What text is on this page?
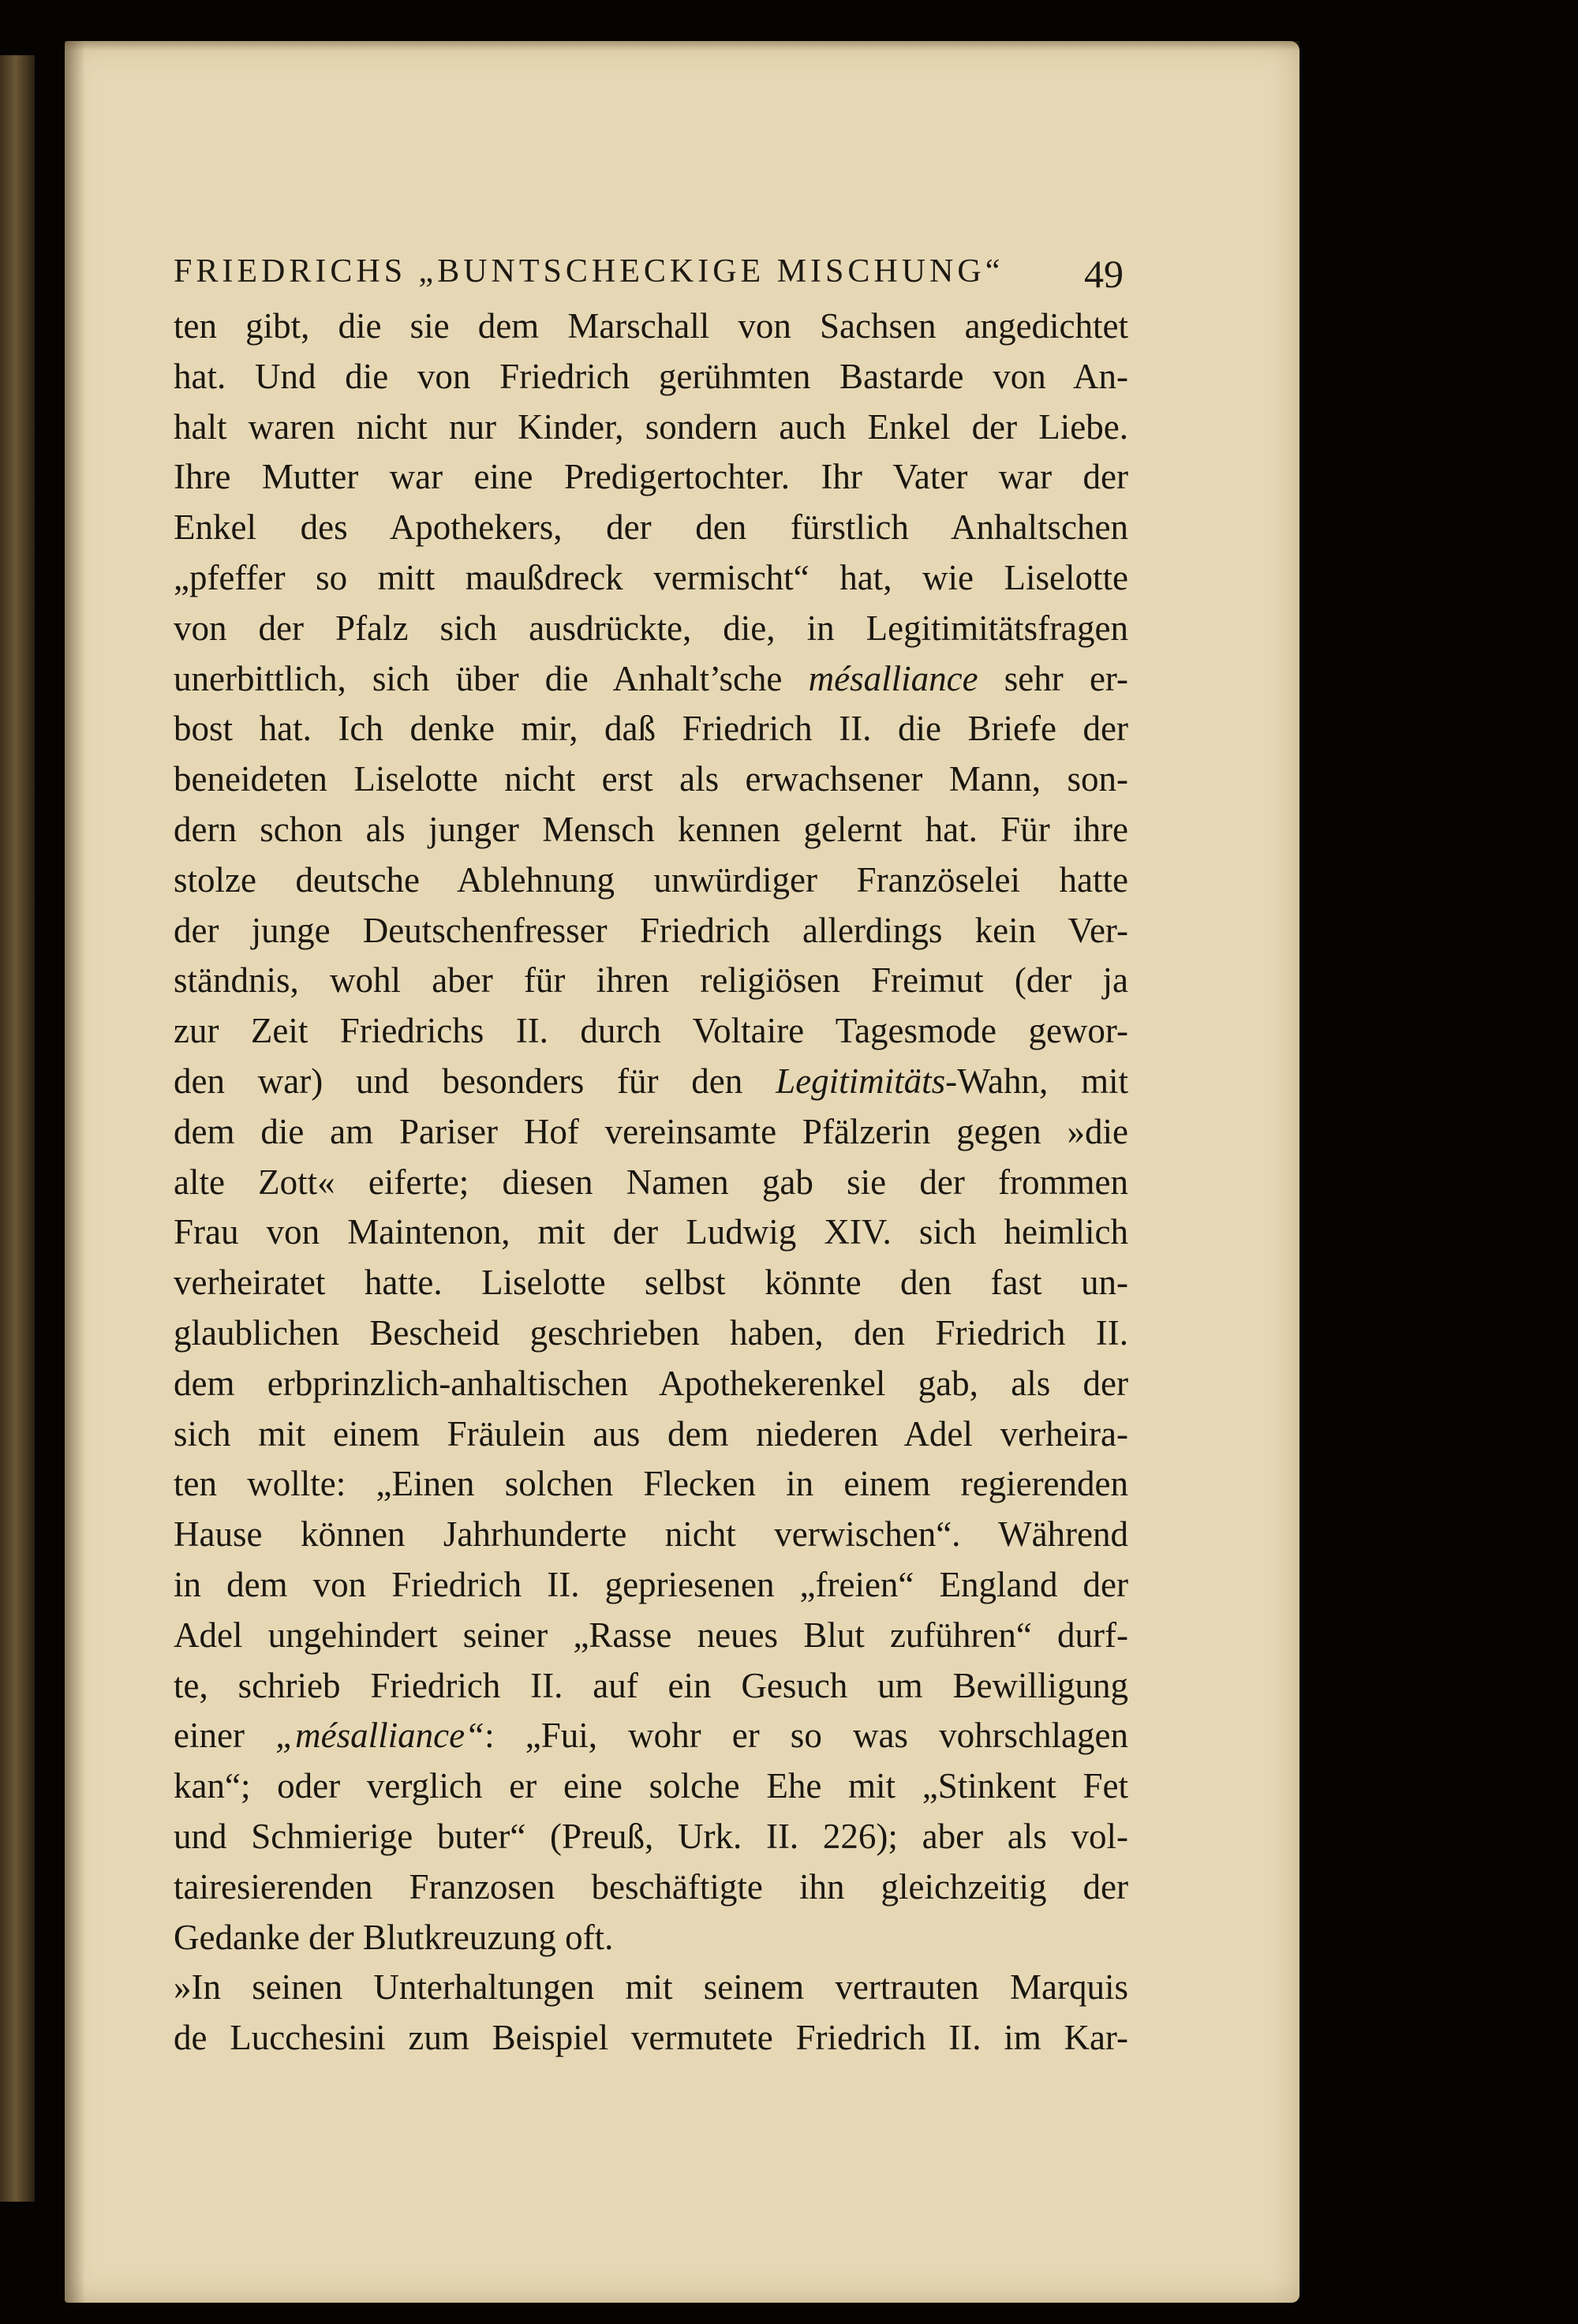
FRIEDRICHS „BUNTSCHECKIGE MISCHUNG“	49
ten gibt, die sie dem Marschall von Sachsen angedichtet
hat. Und die von Friedrich gerühmten Bastarde von An-
halt waren nicht nur Kinder, sondern auch Enkel der Liebe.
Ihre Mutter war eine Predigertochter. Ihr Vater war der
Enkel des Apothekers, der den fürstlich Anhaltschen
„pfeffer so mitt maußdreck vermischt“ hat, wie Liselotte
von der Pfalz sich ausdrückte, die, in Legitimitätsfragen
unerbittlich, sich über die Anhalt’sche mésalliance sehr er-
bost hat. Ich denke mir, daß Friedrich II. die Briefe der
beneideten Liselotte nicht erst als erwachsener Mann, son-
dern schon als junger Mensch kennen gelernt hat. Für ihre
stolze deutsche Ablehnung unwürdiger Französelei hatte
der junge Deutschenfresser Friedrich allerdings kein Ver-
ständnis, wohl aber für ihren religiösen Freimut (der ja
zur Zeit Friedrichs II. durch Voltaire Tagesmode gewor-
den war) und besonders für den Legitimitäts-Wahn, mit
dem die am Pariser Hof vereinsamte Pfälzerin gegen »die
alte Zott« eiferte; diesen Namen gab sie der frommen
Frau von Maintenon, mit der Ludwig XIV. sich heimlich
verheiratet hatte. Liselotte selbst könnte den fast un-
glaublichen Bescheid geschrieben haben, den Friedrich II.
dem erbprinzlich-anhaltischen Apothekerenkel gab, als der
sich mit einem Fräulein aus dem niederen Adel verheira-
ten wollte: „Einen solchen Flecken in einem regierenden
Hause können Jahrhunderte nicht verwischen“. Während
in dem von Friedrich II. gepriesenen „freien“ England der
Adel ungehindert seiner „Rasse neues Blut zuführen“ durf-
te, schrieb Friedrich II. auf ein Gesuch um Bewilligung
einer „mésalliance“: „Fui, wohr er so was vohrschlagen
kan“; oder verglich er eine solche Ehe mit „Stinkent Fet
und Schmierige buter“ (Preuß, Urk. II. 226); aber als vol-
tairesierenden Franzosen beschäftigte ihn gleichzeitig der
Gedanke der Blutkreuzung oft.
»In seinen Unterhaltungen mit seinem vertrauten Marquis
de Lucchesini zum Beispiel vermutete Friedrich II. im Kar-
